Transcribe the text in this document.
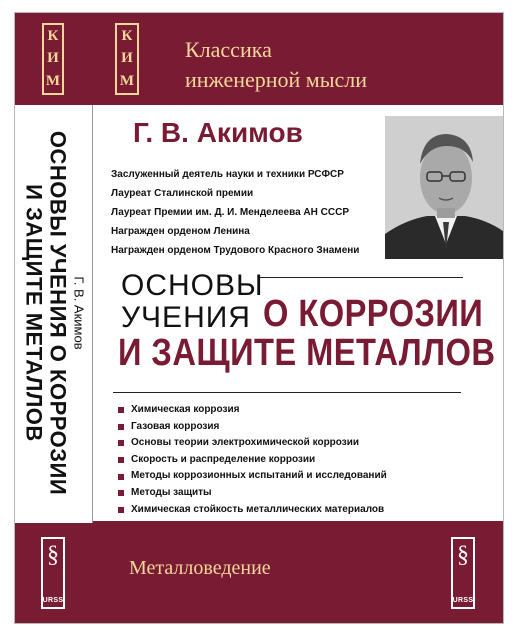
К
И
М
Г. В. Акимов
ОСНОВЫ УЧЕНИЯ О КОРРОЗИИ
И ЗАЩИТЕ МЕТАЛЛОВ
§
URSS
К
И
М
Классика
инженерной мысли
Г. В. Акимов
Заслуженный деятель науки и техники РСФСР
Лауреат Сталинской премии
Лауреат Премии им. Д. И. Менделеева АН СССР
Награжден орденом Ленина
Награжден орденом Трудового Красного Знамени
ОСНОВЫ
УЧЕНИЯ О КОРРОЗИИ
И ЗАЩИТЕ МЕТАЛЛОВ
Химическая коррозия
Газовая коррозия
Основы теории электрохимической коррозии
Скорость и распределение коррозии
Методы коррозионных испытаний и исследований
Методы защиты
Химическая стойкость металлических материалов
Металловедение	§
URSS
